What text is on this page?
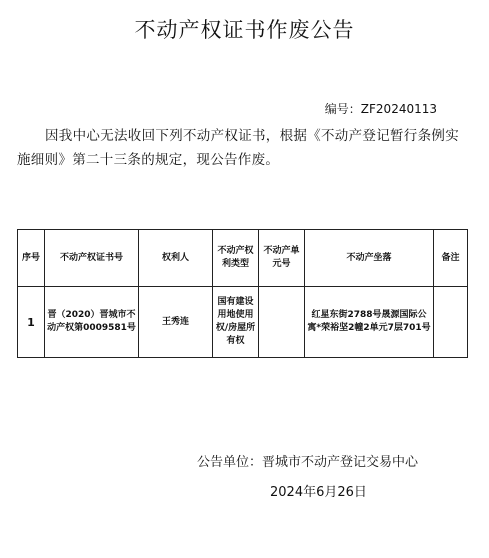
不动产权证书作废公告
编号：ZF20240113
因我中心无法收回下列不动产权证书，根据《不动产登记暂行条例实施细则》第二十三条的规定，现公告作废。
序号	不动产权证书号	权利人	不动产权利类型	不动产单元号	不动产坐落	备注
1	晋（2020）晋城市不动产权第0009581号	王秀连	国有建设用地使用权/房屋所有权		红星东街2788号晟源国际公寓*荣裕坚2幢2单元7层701号	
公告单位：晋城市不动产登记交易中心
2024年6月26日
